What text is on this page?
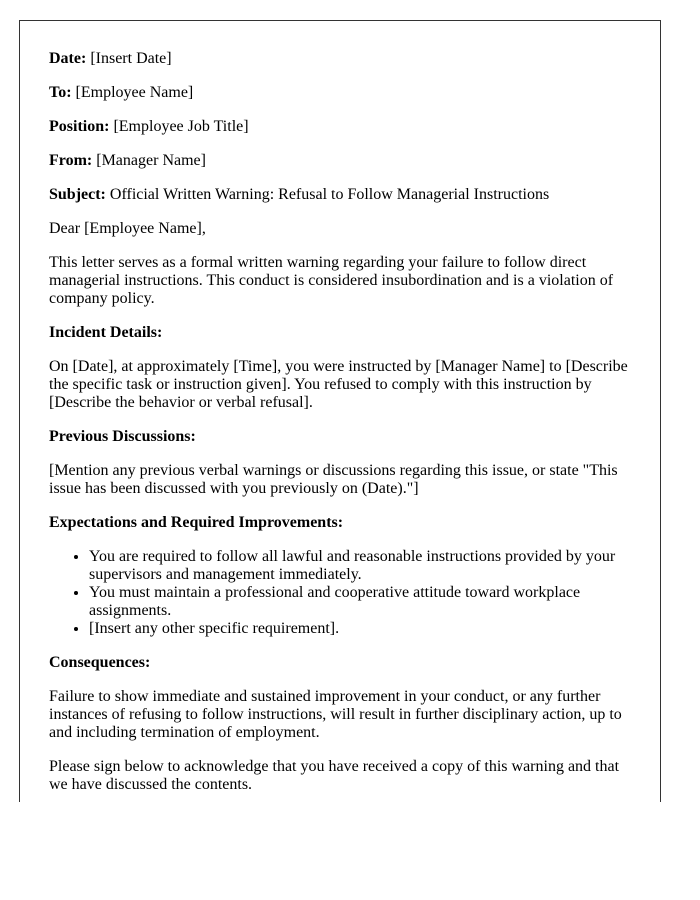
Date: [Insert Date]

To: [Employee Name]

Position: [Employee Job Title]

From: [Manager Name]

Subject: Official Written Warning: Refusal to Follow Managerial Instructions

Dear [Employee Name],

This letter serves as a formal written warning regarding your failure to follow direct managerial instructions. This conduct is considered insubordination and is a violation of company policy.

Incident Details:

On [Date], at approximately [Time], you were instructed by [Manager Name] to [Describe the specific task or instruction given]. You refused to comply with this instruction by [Describe the behavior or verbal refusal].

Previous Discussions:

[Mention any previous verbal warnings or discussions regarding this issue, or state "This issue has been discussed with you previously on (Date)."]

Expectations and Required Improvements:

• You are required to follow all lawful and reasonable instructions provided by your supervisors and management immediately.
• You must maintain a professional and cooperative attitude toward workplace assignments.
• [Insert any other specific requirement].

Consequences:

Failure to show immediate and sustained improvement in your conduct, or any further instances of refusing to follow instructions, will result in further disciplinary action, up to and including termination of employment.

Please sign below to acknowledge that you have received a copy of this warning and that we have discussed the contents.
